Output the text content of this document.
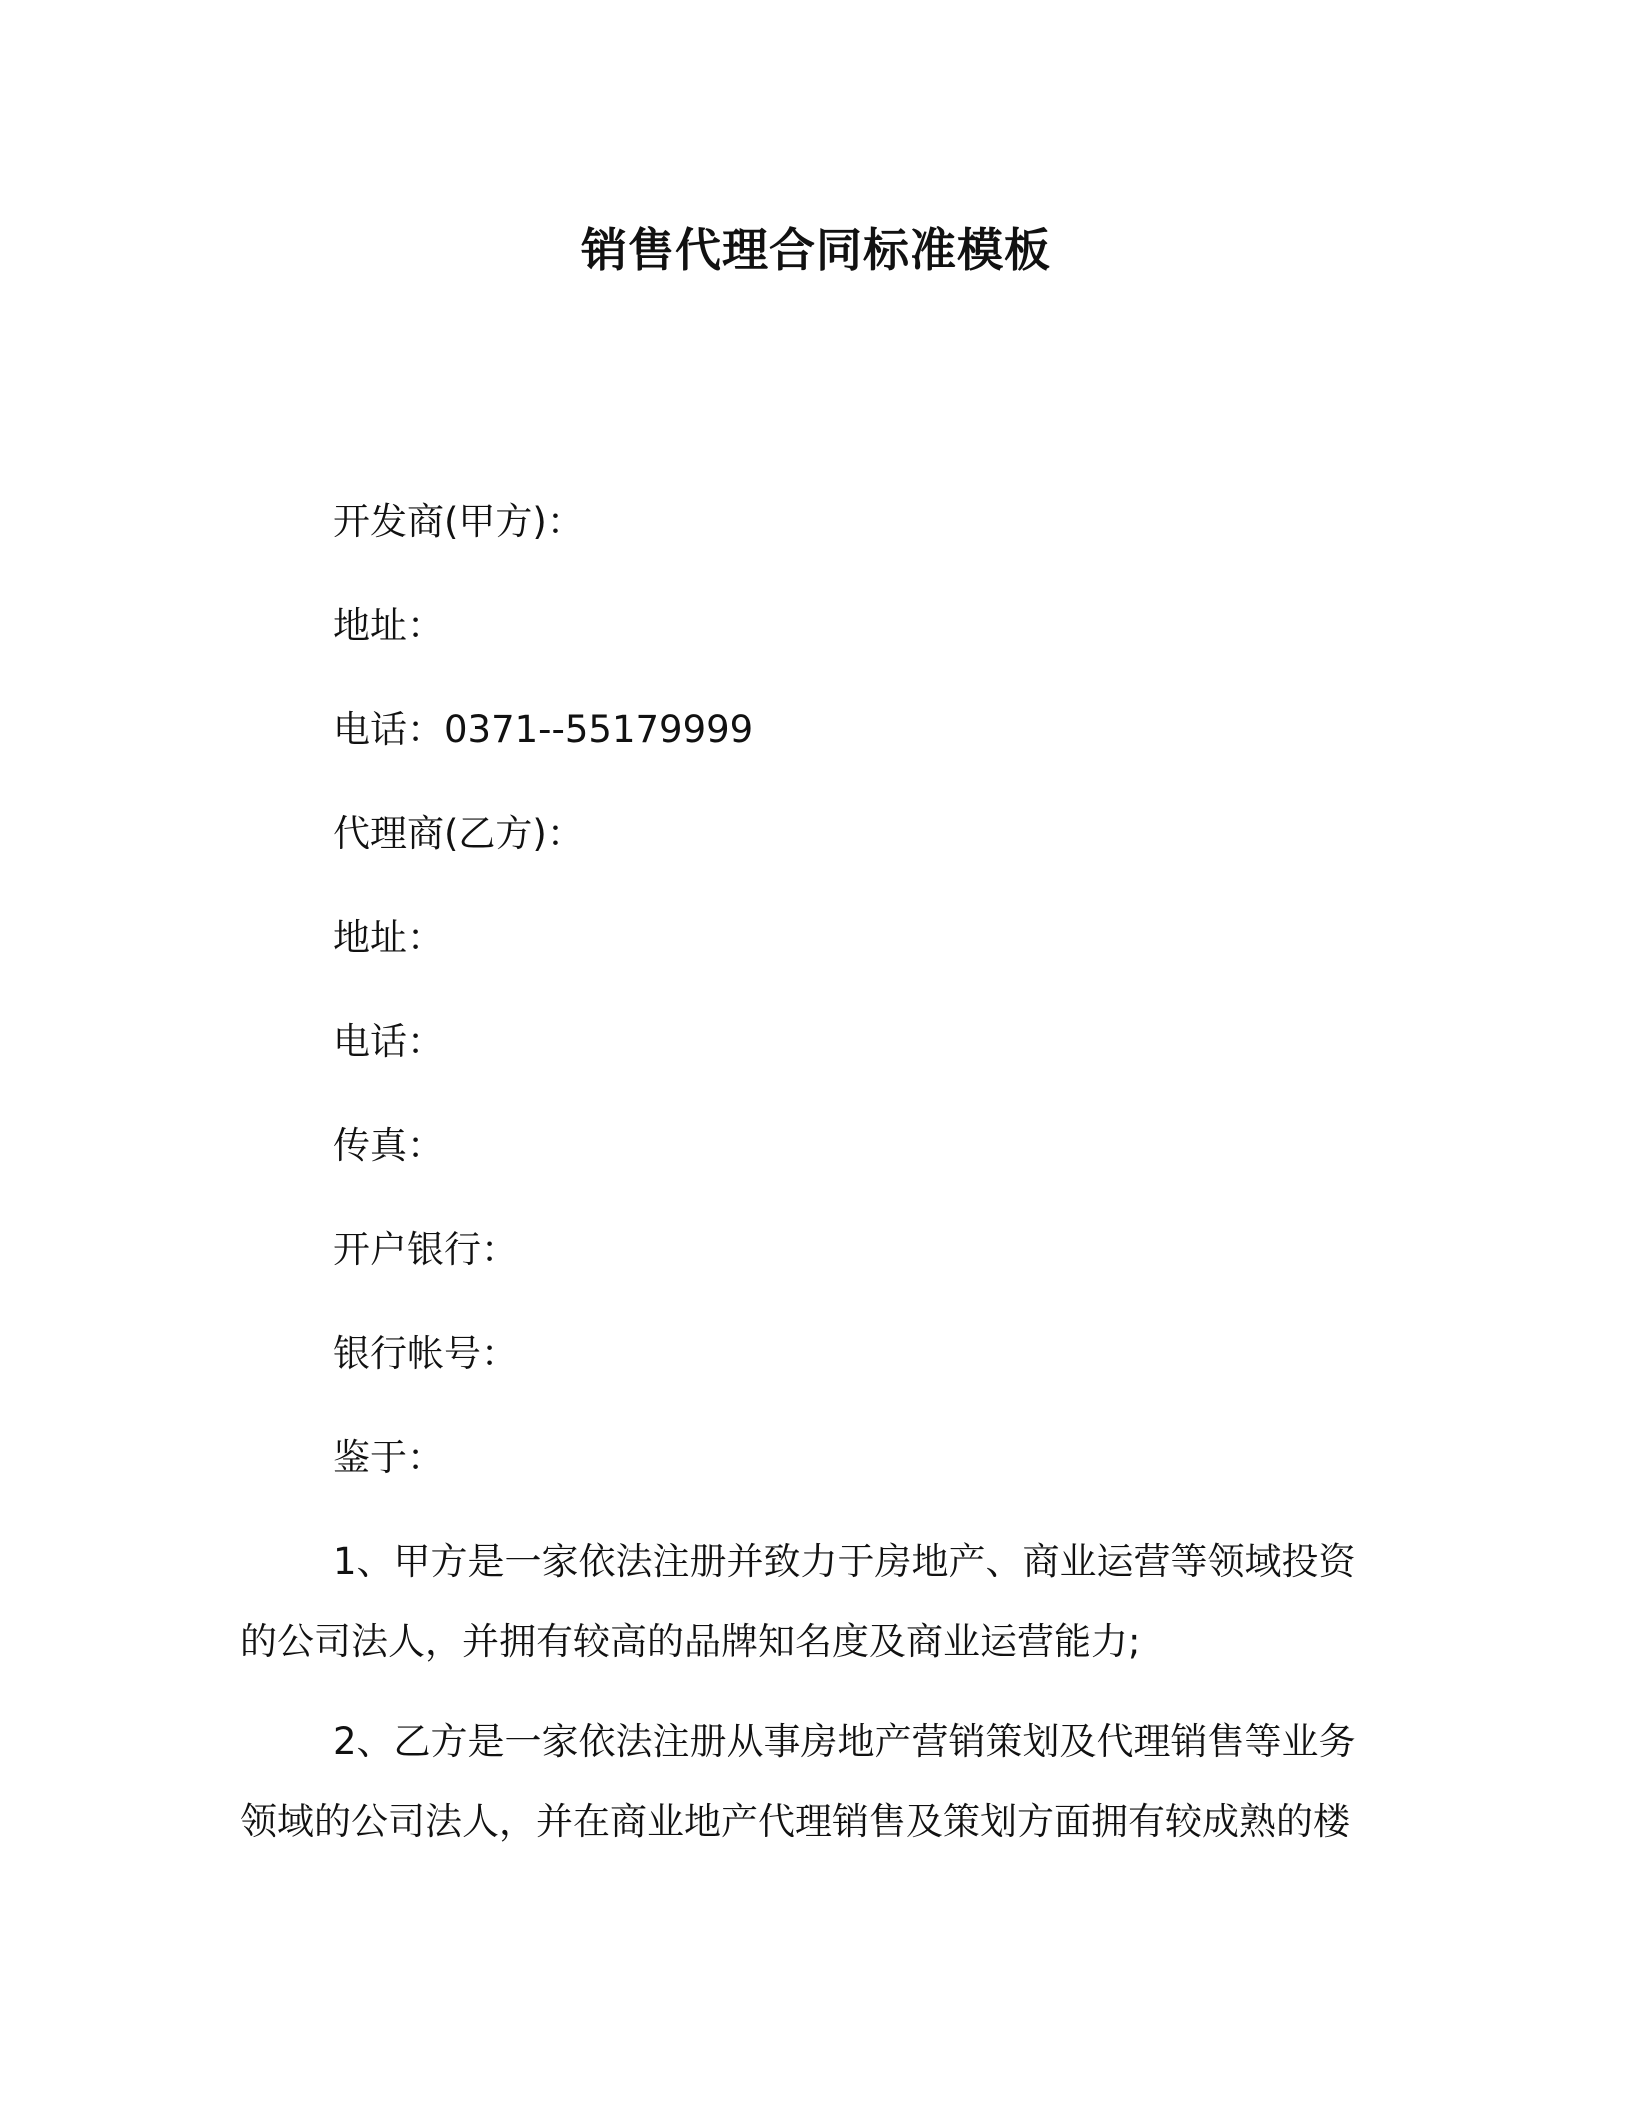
销售代理合同标准模板
开发商(甲方)：
地址：
电话：0371--55179999
代理商(乙方)：
地址：
电话：
传真：
开户银行：
银行帐号：
鉴于：
1、甲方是一家依法注册并致力于房地产、商业运营等领域投资
的公司法人，并拥有较高的品牌知名度及商业运营能力;
2、乙方是一家依法注册从事房地产营销策划及代理销售等业务
领域的公司法人，并在商业地产代理销售及策划方面拥有较成熟的楼
